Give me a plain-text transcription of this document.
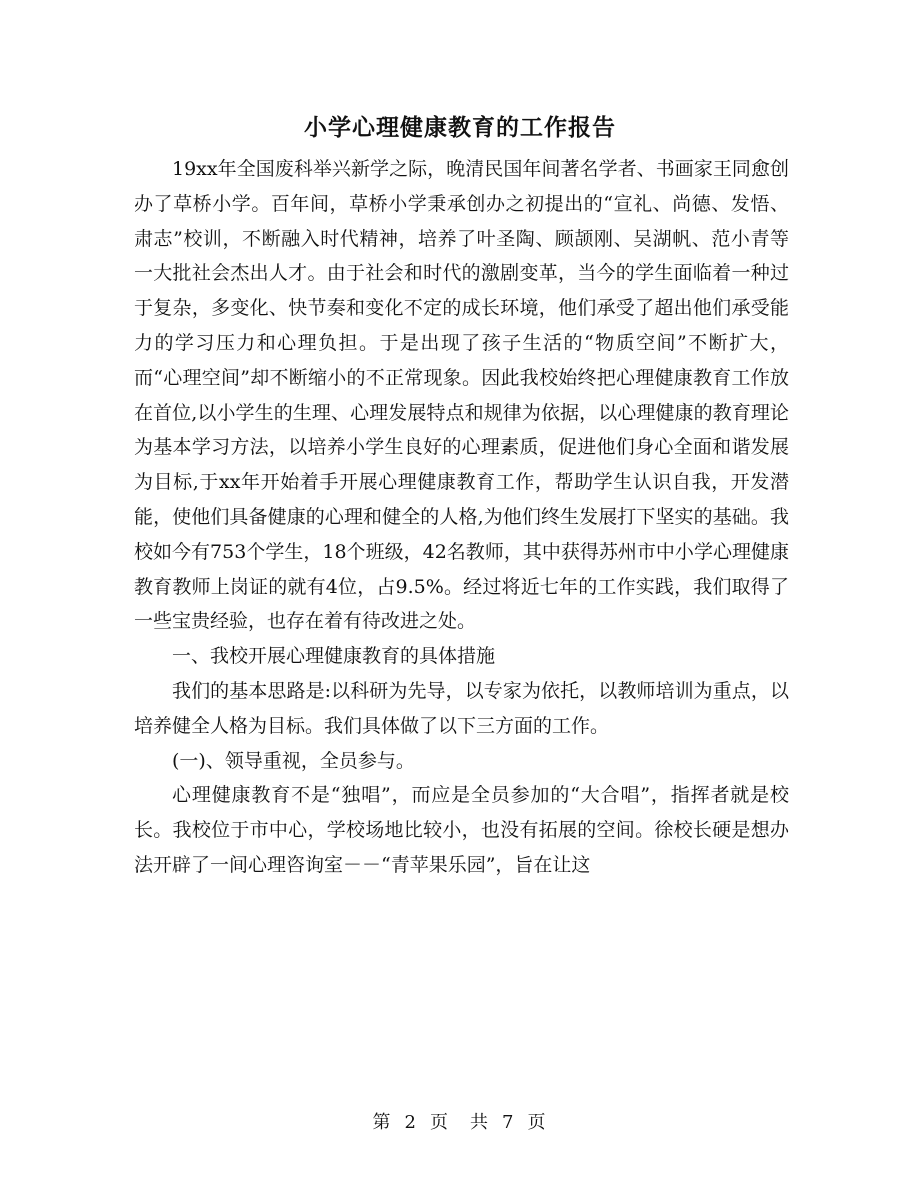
小学心理健康教育的工作报告

19xx年全国废科举兴新学之际，晚清民国年间著名学者、书画家王同愈创办了草桥小学。百年间，草桥小学秉承创办之初提出的“宣礼、尚德、发悟、肃志”校训，不断融入时代精神，培养了叶圣陶、顾颉刚、吴湖帆、范小青等一大批社会杰出人才。由于社会和时代的激剧变革，当今的学生面临着一种过于复杂，多变化、快节奏和变化不定的成长环境，他们承受了超出他们承受能力的学习压力和心理负担。于是出现了孩子生活的“物质空间”不断扩大，而“心理空间”却不断缩小的不正常现象。因此我校始终把心理健康教育工作放在首位,以小学生的生理、心理发展特点和规律为依据，以心理健康的教育理论为基本学习方法，以培养小学生良好的心理素质，促进他们身心全面和谐发展为目标,于xx年开始着手开展心理健康教育工作，帮助学生认识自我，开发潜能，使他们具备健康的心理和健全的人格,为他们终生发展打下坚实的基础。我校如今有753个学生，18个班级，42名教师，其中获得苏州市中小学心理健康教育教师上岗证的就有4位，占9.5%。经过将近七年的工作实践，我们取得了一些宝贵经验，也存在着有待改进之处。

一、我校开展心理健康教育的具体措施

我们的基本思路是:以科研为先导，以专家为依托，以教师培训为重点，以培养健全人格为目标。我们具体做了以下三方面的工作。

(一)、领导重视，全员参与。

心理健康教育不是“独唱”，而应是全员参加的“大合唱”，指挥者就是校长。我校位于市中心，学校场地比较小，也没有拓展的空间。徐校长硬是想办法开辟了一间心理咨询室－－“青苹果乐园”，旨在让这

第 2 页　共 7 页
